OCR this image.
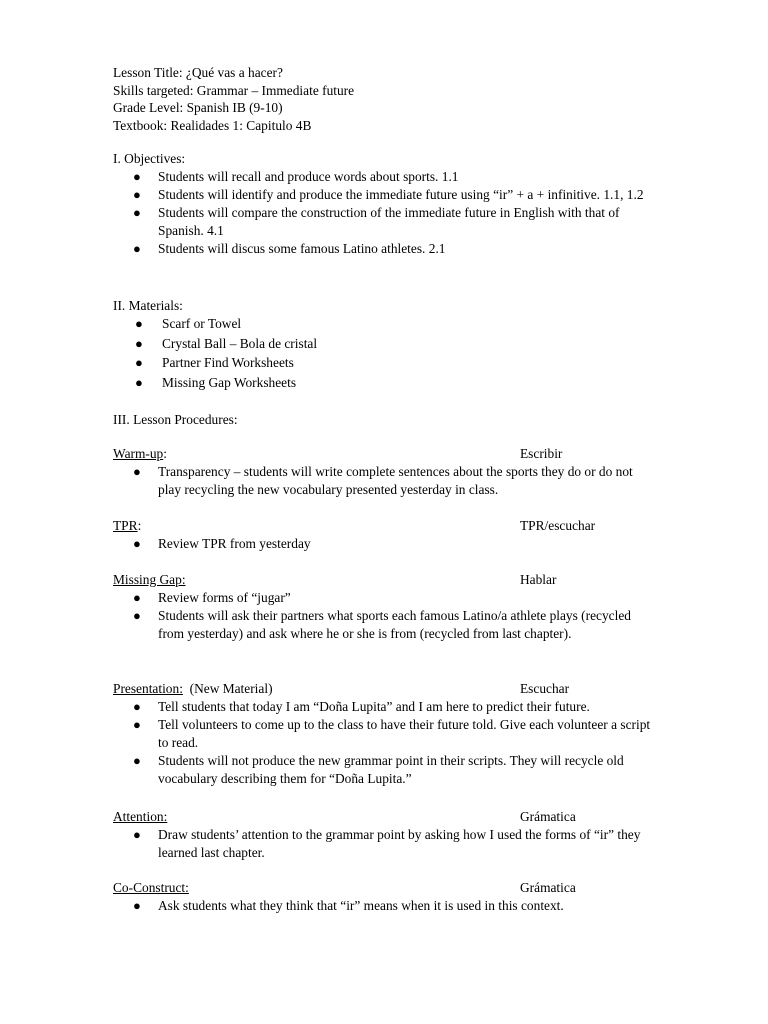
Lesson Title: ¿Qué vas a hacer?
Skills targeted: Grammar – Immediate future
Grade Level: Spanish IB (9-10)
Textbook: Realidades 1: Capitulo 4B
I. Objectives:
● Students will recall and produce words about sports. 1.1
● Students will identify and produce the immediate future using “ir” + a + infinitive. 1.1, 1.2
● Students will compare the construction of the immediate future in English with that of Spanish. 4.1
● Students will discus some famous Latino athletes. 2.1
II. Materials:
● Scarf or Towel
● Crystal Ball – Bola de cristal
● Partner Find Worksheets
● Missing Gap Worksheets
III. Lesson Procedures:
Warm-up:	Escribir
● Transparency – students will write complete sentences about the sports they do or do not play recycling the new vocabulary presented yesterday in class.
TPR:	TPR/escuchar
● Review TPR from yesterday
Missing Gap:	Hablar
● Review forms of “jugar”
● Students will ask their partners what sports each famous Latino/a athlete plays (recycled from yesterday) and ask where he or she is from (recycled from last chapter).
Presentation:  (New Material)	Escuchar
● Tell students that today I am “Doña Lupita” and I am here to predict their future.
● Tell volunteers to come up to the class to have their future told. Give each volunteer a script to read.
● Students will not produce the new grammar point in their scripts. They will recycle old vocabulary describing them for “Doña Lupita.”
Attention:	Grámatica
● Draw students’ attention to the grammar point by asking how I used the forms of “ir” they learned last chapter.
Co-Construct:	Grámatica
● Ask students what they think that “ir” means when it is used in this context.
